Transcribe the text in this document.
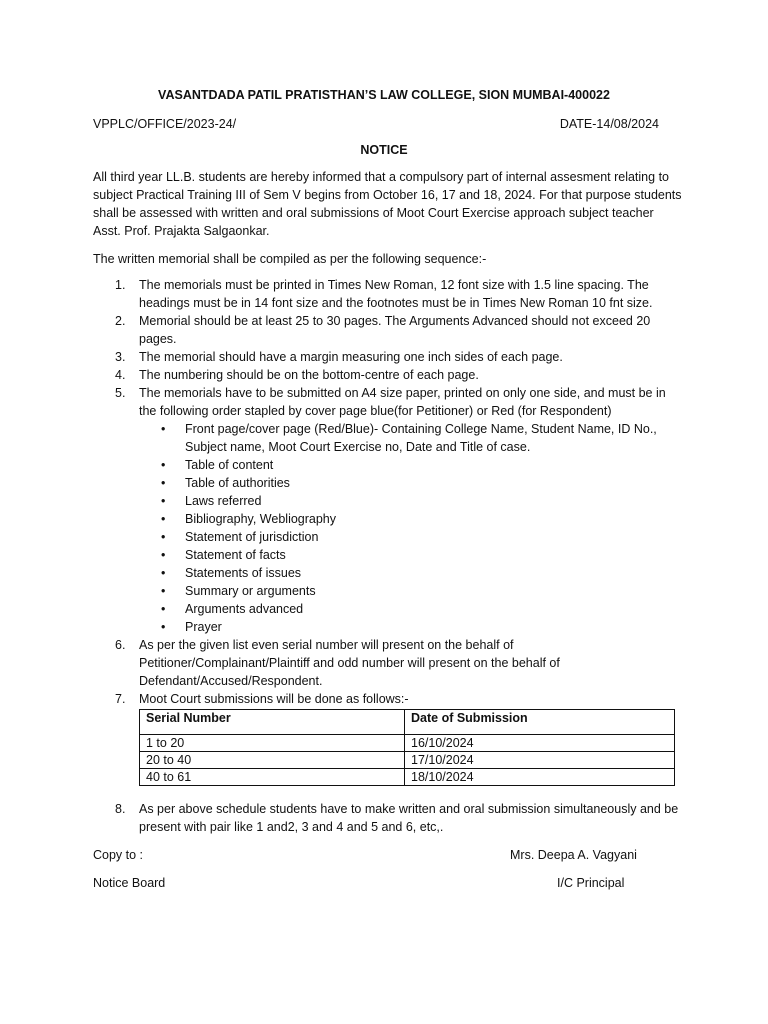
VASANTDADA PATIL PRATISTHAN’S LAW COLLEGE, SION MUMBAI-400022
VPPLC/OFFICE/2023-24/	DATE-14/08/2024
NOTICE
All third year LL.B. students are hereby informed that a compulsory part of internal assesment relating to subject Practical Training III of Sem V begins from October 16, 17 and 18, 2024. For that purpose students shall be assessed with written and oral submissions of Moot Court Exercise approach subject teacher Asst. Prof. Prajakta Salgaonkar.
The written memorial shall be compiled as per the following sequence:-
1. The memorials must be printed in Times New Roman, 12 font size with 1.5 line spacing. The headings must be in 14 font size and the footnotes must be in Times New Roman 10 fnt size.
2. Memorial should be at least 25 to 30 pages. The Arguments Advanced should not exceed 20 pages.
3. The memorial should have a margin measuring one inch sides of each page.
4. The numbering should be on the bottom-centre of each page.
5. The memorials have to be submitted on A4 size paper, printed on only one side, and must be in the following order stapled by cover page blue(for Petitioner) or Red (for Respondent)
• Front page/cover page (Red/Blue)- Containing College Name, Student Name, ID No., Subject name, Moot Court Exercise no, Date and Title of case.
• Table of content
• Table of authorities
• Laws referred
• Bibliography, Webliography
• Statement of jurisdiction
• Statement of facts
• Statements of issues
• Summary or arguments
• Arguments advanced
• Prayer
6. As per the given list even serial number will present on the behalf of Petitioner/Complainant/Plaintiff and odd number will present on the behalf of Defendant/Accused/Respondent.
7. Moot Court submissions will be done as follows:-
Serial Number	Date of Submission
1 to 20	16/10/2024
20 to 40	17/10/2024
40 to 61	18/10/2024
8. As per above schedule students have to make written and oral submission simultaneously and be present with pair like 1 and2, 3 and 4 and 5 and 6, etc,.
Copy to :	Mrs. Deepa A. Vagyani
Notice Board	I/C Principal
